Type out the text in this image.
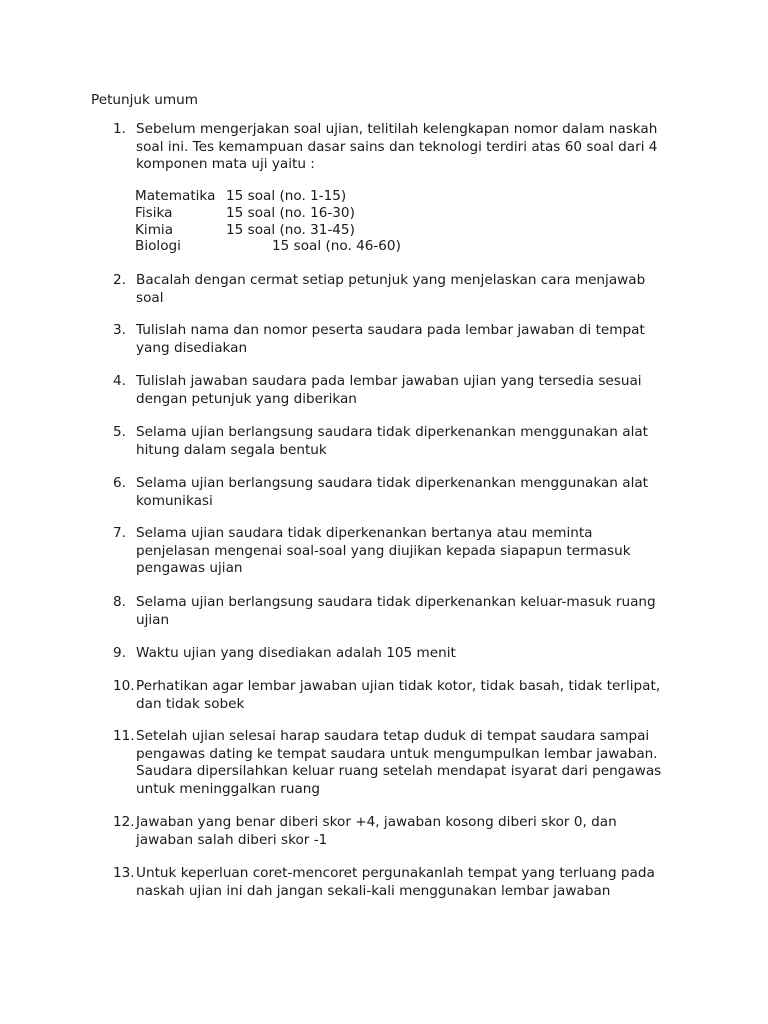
Petunjuk umum
1. Sebelum mengerjakan soal ujian, telitilah kelengkapan nomor dalam naskah
soal ini. Tes kemampuan dasar sains dan teknologi terdiri atas 60 soal dari 4
komponen mata uji yaitu :
Matematika 15 soal (no. 1-15)
Fisika	15 soal (no. 16-30)
Kimia	15 soal (no. 31-45)
Biologi	15 soal (no. 46-60)
2. Bacalah dengan cermat setiap petunjuk yang menjelaskan cara menjawab
soal
3. Tulislah nama dan nomor peserta saudara pada lembar jawaban di tempat
yang disediakan
4. Tulislah jawaban saudara pada lembar jawaban ujian yang tersedia sesuai
dengan petunjuk yang diberikan
5. Selama ujian berlangsung saudara tidak diperkenankan menggunakan alat
hitung dalam segala bentuk
6. Selama ujian berlangsung saudara tidak diperkenankan menggunakan alat
komunikasi
7. Selama ujian saudara tidak diperkenankan bertanya atau meminta
penjelasan mengenai soal-soal yang diujikan kepada siapapun termasuk
pengawas ujian
8. Selama ujian berlangsung saudara tidak diperkenankan keluar-masuk ruang
ujian
9. Waktu ujian yang disediakan adalah 105 menit
10. Perhatikan agar lembar jawaban ujian tidak kotor, tidak basah, tidak terlipat,
dan tidak sobek
11. Setelah ujian selesai harap saudara tetap duduk di tempat saudara sampai
pengawas dating ke tempat saudara untuk mengumpulkan lembar jawaban.
Saudara dipersilahkan keluar ruang setelah mendapat isyarat dari pengawas
untuk meninggalkan ruang
12. Jawaban yang benar diberi skor +4, jawaban kosong diberi skor 0, dan
jawaban salah diberi skor -1
13. Untuk keperluan coret-mencoret pergunakanlah tempat yang terluang pada
naskah ujian ini dah jangan sekali-kali menggunakan lembar jawaban
